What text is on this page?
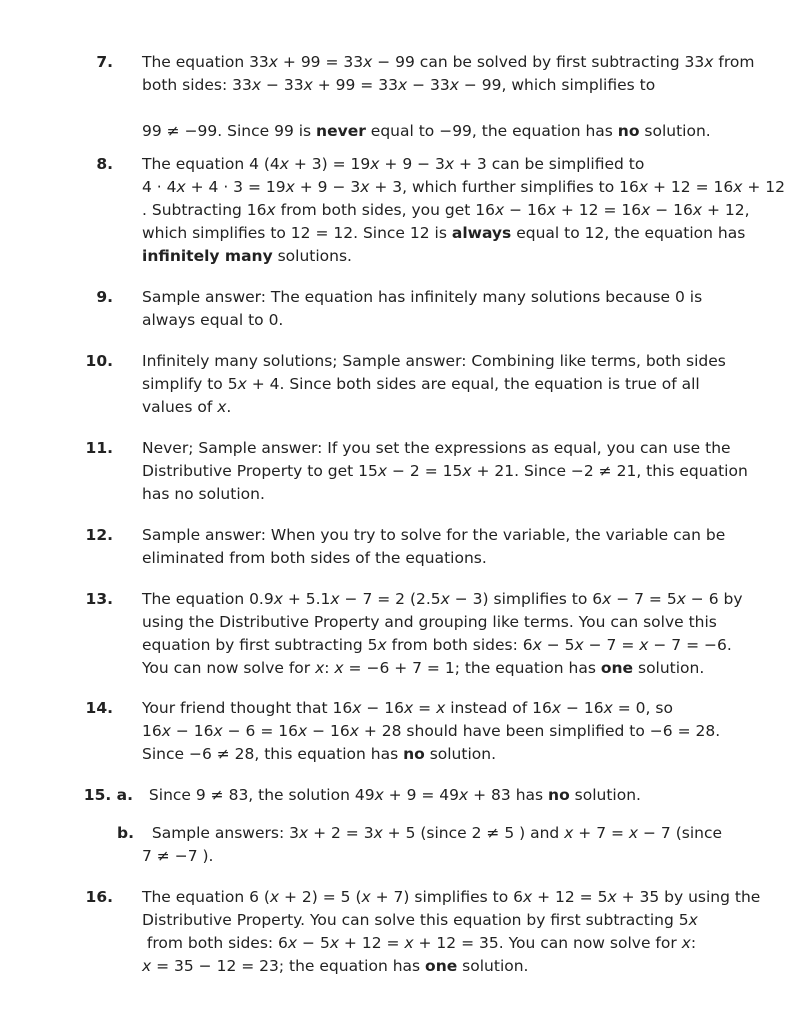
7. The equation 33x + 99 = 33x − 99 can be solved by first subtracting 33x from
both sides: 33x − 33x + 99 = 33x − 33x − 99, which simplifies to

99 ≠ −99. Since 99 is never equal to −99, the equation has no solution.
8. The equation 4 (4x + 3) = 19x + 9 − 3x + 3 can be simplified to
4 · 4x + 4 · 3 = 19x + 9 − 3x + 3, which further simplifies to 16x + 12 = 16x + 12
. Subtracting 16x from both sides, you get 16x − 16x + 12 = 16x − 16x + 12,
which simplifies to 12 = 12. Since 12 is always equal to 12, the equation has
infinitely many solutions.
9. Sample answer: The equation has infinitely many solutions because 0 is
always equal to 0.
10. Infinitely many solutions; Sample answer: Combining like terms, both sides
simplify to 5x + 4. Since both sides are equal, the equation is true of all
values of x.
11. Never; Sample answer: If you set the expressions as equal, you can use the
Distributive Property to get 15x − 2 = 15x + 21. Since −2 ≠ 21, this equation
has no solution.
12. Sample answer: When you try to solve for the variable, the variable can be
eliminated from both sides of the equations.
13. The equation 0.9x + 5.1x − 7 = 2 (2.5x − 3) simplifies to 6x − 7 = 5x − 6 by
using the Distributive Property and grouping like terms. You can solve this
equation by first subtracting 5x from both sides: 6x − 5x − 7 = x − 7 = −6.
You can now solve for x: x = −6 + 7 = 1; the equation has one solution.
14. Your friend thought that 16x − 16x = x instead of 16x − 16x = 0, so
16x − 16x − 6 = 16x − 16x + 28 should have been simplified to −6 = 28.
Since −6 ≠ 28, this equation has no solution.
15. a. Since 9 ≠ 83, the solution 49x + 9 = 49x + 83 has no solution.
b. Sample answers: 3x + 2 = 3x + 5 (since 2 ≠ 5 ) and x + 7 = x − 7 (since
7 ≠ −7 ).
16. The equation 6 (x + 2) = 5 (x + 7) simplifies to 6x + 12 = 5x + 35 by using the
Distributive Property. You can solve this equation by first subtracting 5x
from both sides: 6x − 5x + 12 = x + 12 = 35. You can now solve for x:
x = 35 − 12 = 23; the equation has one solution.
